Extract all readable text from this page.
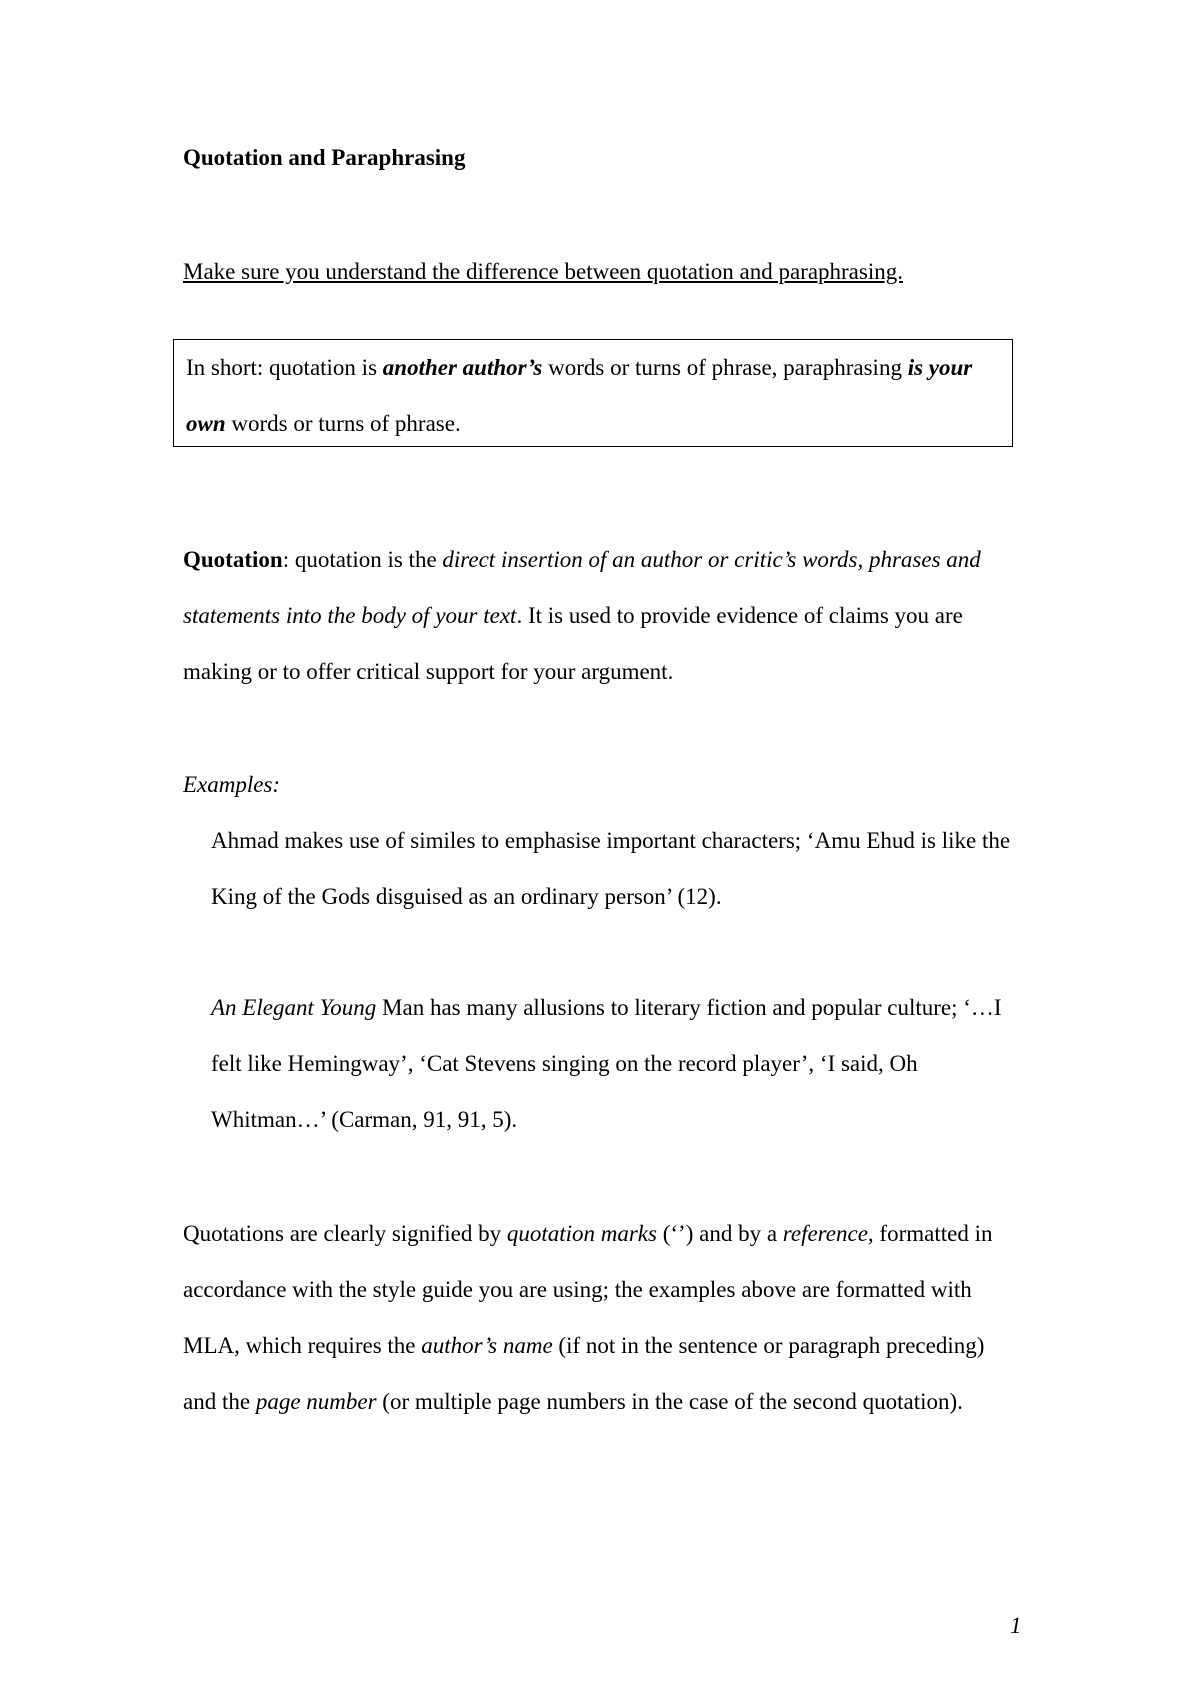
Quotation and Paraphrasing

Make sure you understand the difference between quotation and paraphrasing.

In short: quotation is another author’s words or turns of phrase, paraphrasing is your own words or turns of phrase.

Quotation: quotation is the direct insertion of an author or critic’s words, phrases and statements into the body of your text. It is used to provide evidence of claims you are making or to offer critical support for your argument.

Examples:

Ahmad makes use of similes to emphasise important characters; ‘Amu Ehud is like the King of the Gods disguised as an ordinary person’ (12).

An Elegant Young Man has many allusions to literary fiction and popular culture; ‘…I felt like Hemingway’, ‘Cat Stevens singing on the record player’, ‘I said, Oh Whitman…’ (Carman, 91, 91, 5).

Quotations are clearly signified by quotation marks (‘’) and by a reference, formatted in accordance with the style guide you are using; the examples above are formatted with MLA, which requires the author’s name (if not in the sentence or paragraph preceding) and the page number (or multiple page numbers in the case of the second quotation).

1
